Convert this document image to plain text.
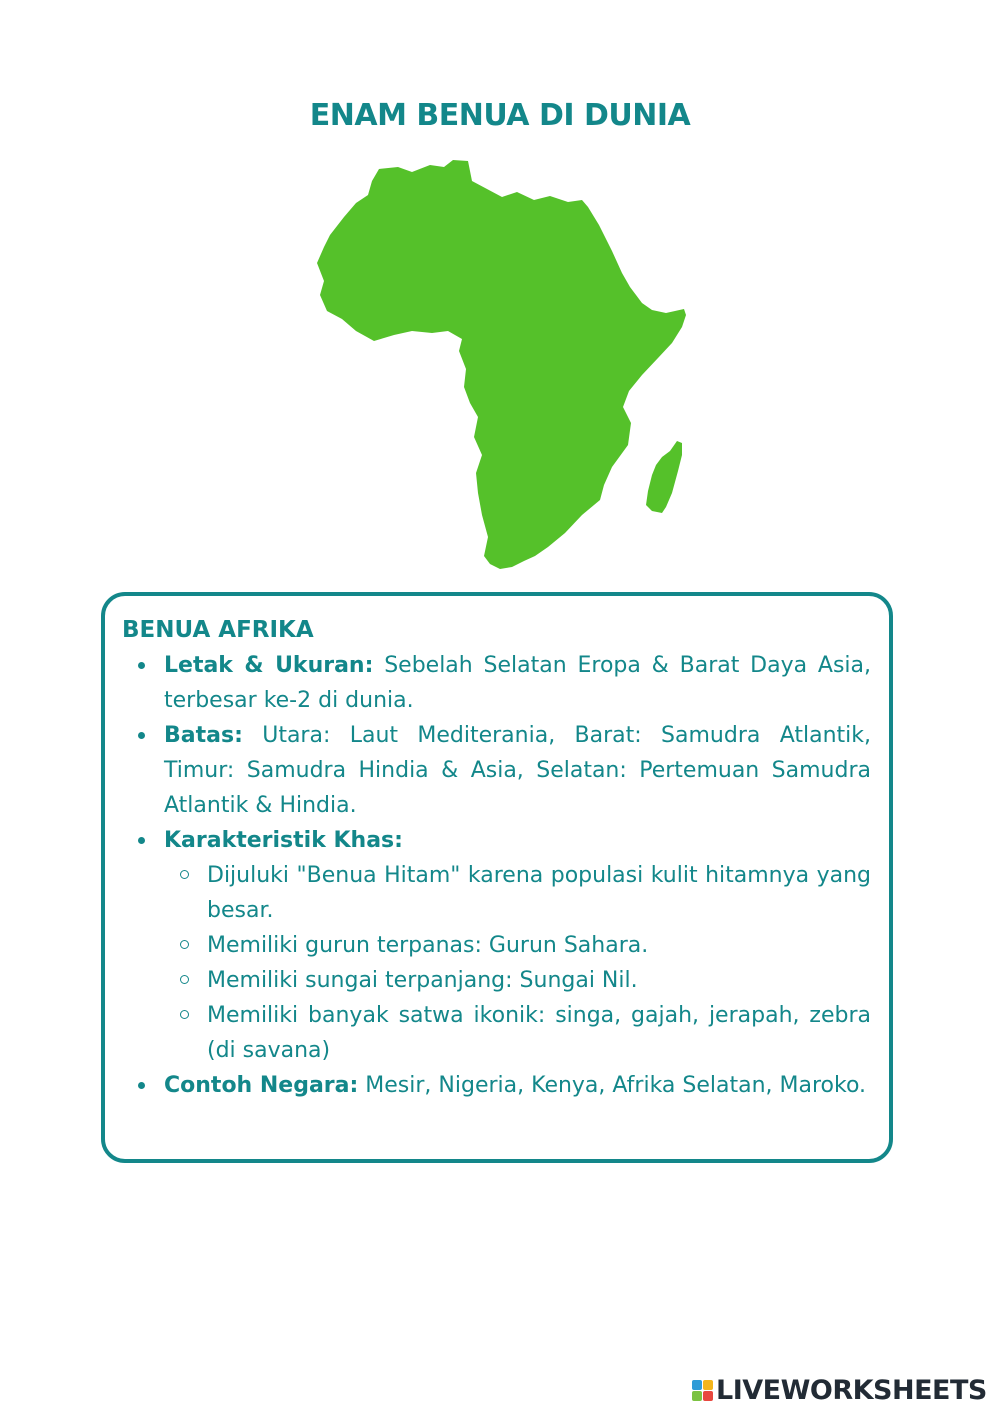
ENAM BENUA DI DUNIA
BENUA AFRIKA
Letak & Ukuran: Sebelah Selatan Eropa & Barat Daya Asia, terbesar ke-2 di dunia.
Batas: Utara: Laut Mediterania, Barat: Samudra Atlantik, Timur: Samudra Hindia & Asia, Selatan: Pertemuan Samudra Atlantik & Hindia.
Karakteristik Khas:
Dijuluki "Benua Hitam" karena populasi kulit hitamnya yang besar.
Memiliki gurun terpanas: Gurun Sahara.
Memiliki sungai terpanjang: Sungai Nil.
Memiliki banyak satwa ikonik: singa, gajah, jerapah, zebra (di savana)
Contoh Negara: Mesir, Nigeria, Kenya, Afrika Selatan, Maroko.
LIVEWORKSHEETS
